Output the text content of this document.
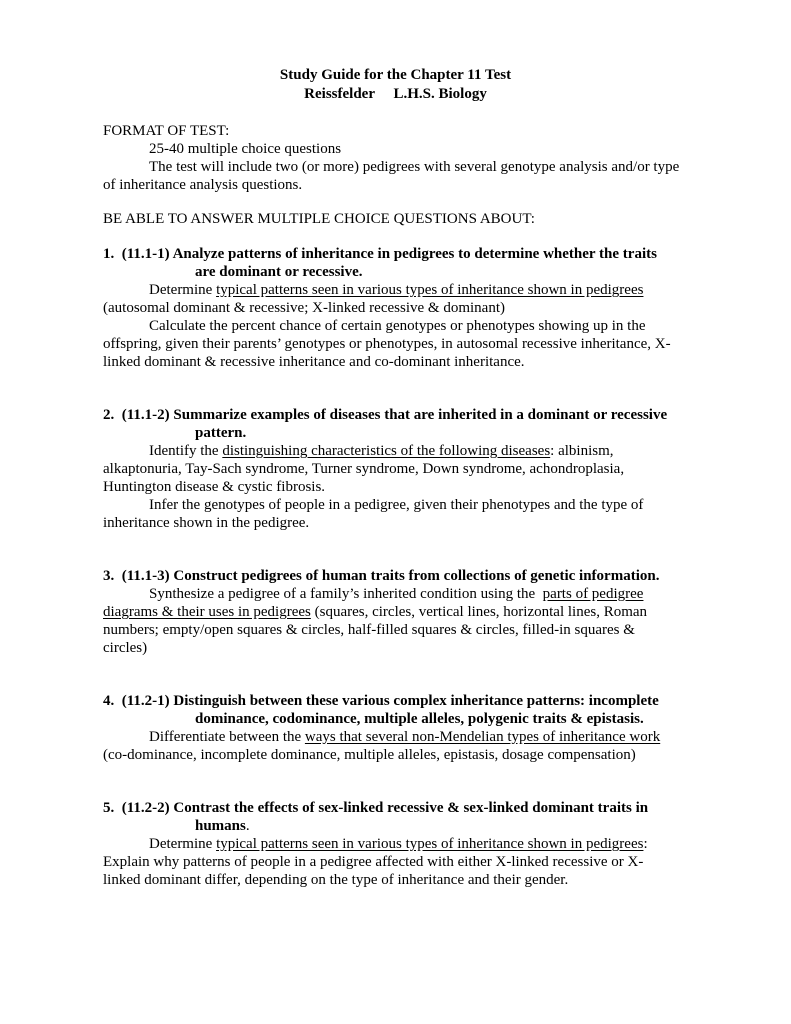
Study Guide for the Chapter 11 Test
Reissfelder     L.H.S. Biology
FORMAT OF TEST:
25-40 multiple choice questions
The test will include two (or more) pedigrees with several genotype analysis and/or type
of inheritance analysis questions.
BE ABLE TO ANSWER MULTIPLE CHOICE QUESTIONS ABOUT:
1.  (11.1-1) Analyze patterns of inheritance in pedigrees to determine whether the traits
are dominant or recessive.
Determine typical patterns seen in various types of inheritance shown in pedigrees
(autosomal dominant & recessive; X-linked recessive & dominant)
Calculate the percent chance of certain genotypes or phenotypes showing up in the
offspring, given their parents’ genotypes or phenotypes, in autosomal recessive inheritance, X-
linked dominant & recessive inheritance and co-dominant inheritance.
2.  (11.1-2) Summarize examples of diseases that are inherited in a dominant or recessive
pattern.
Identify the distinguishing characteristics of the following diseases: albinism,
alkaptonuria, Tay-Sach syndrome, Turner syndrome, Down syndrome, achondroplasia,
Huntington disease & cystic fibrosis.
Infer the genotypes of people in a pedigree, given their phenotypes and the type of
inheritance shown in the pedigree.
3.  (11.1-3) Construct pedigrees of human traits from collections of genetic information.
Synthesize a pedigree of a family’s inherited condition using the  parts of pedigree
diagrams & their uses in pedigrees (squares, circles, vertical lines, horizontal lines, Roman
numbers; empty/open squares & circles, half-filled squares & circles, filled-in squares &
circles)
4.  (11.2-1) Distinguish between these various complex inheritance patterns: incomplete
dominance, codominance, multiple alleles, polygenic traits & epistasis.
Differentiate between the ways that several non-Mendelian types of inheritance work
(co-dominance, incomplete dominance, multiple alleles, epistasis, dosage compensation)
5.  (11.2-2) Contrast the effects of sex-linked recessive & sex-linked dominant traits in
humans.
Determine typical patterns seen in various types of inheritance shown in pedigrees:
Explain why patterns of people in a pedigree affected with either X-linked recessive or X-
linked dominant differ, depending on the type of inheritance and their gender.
